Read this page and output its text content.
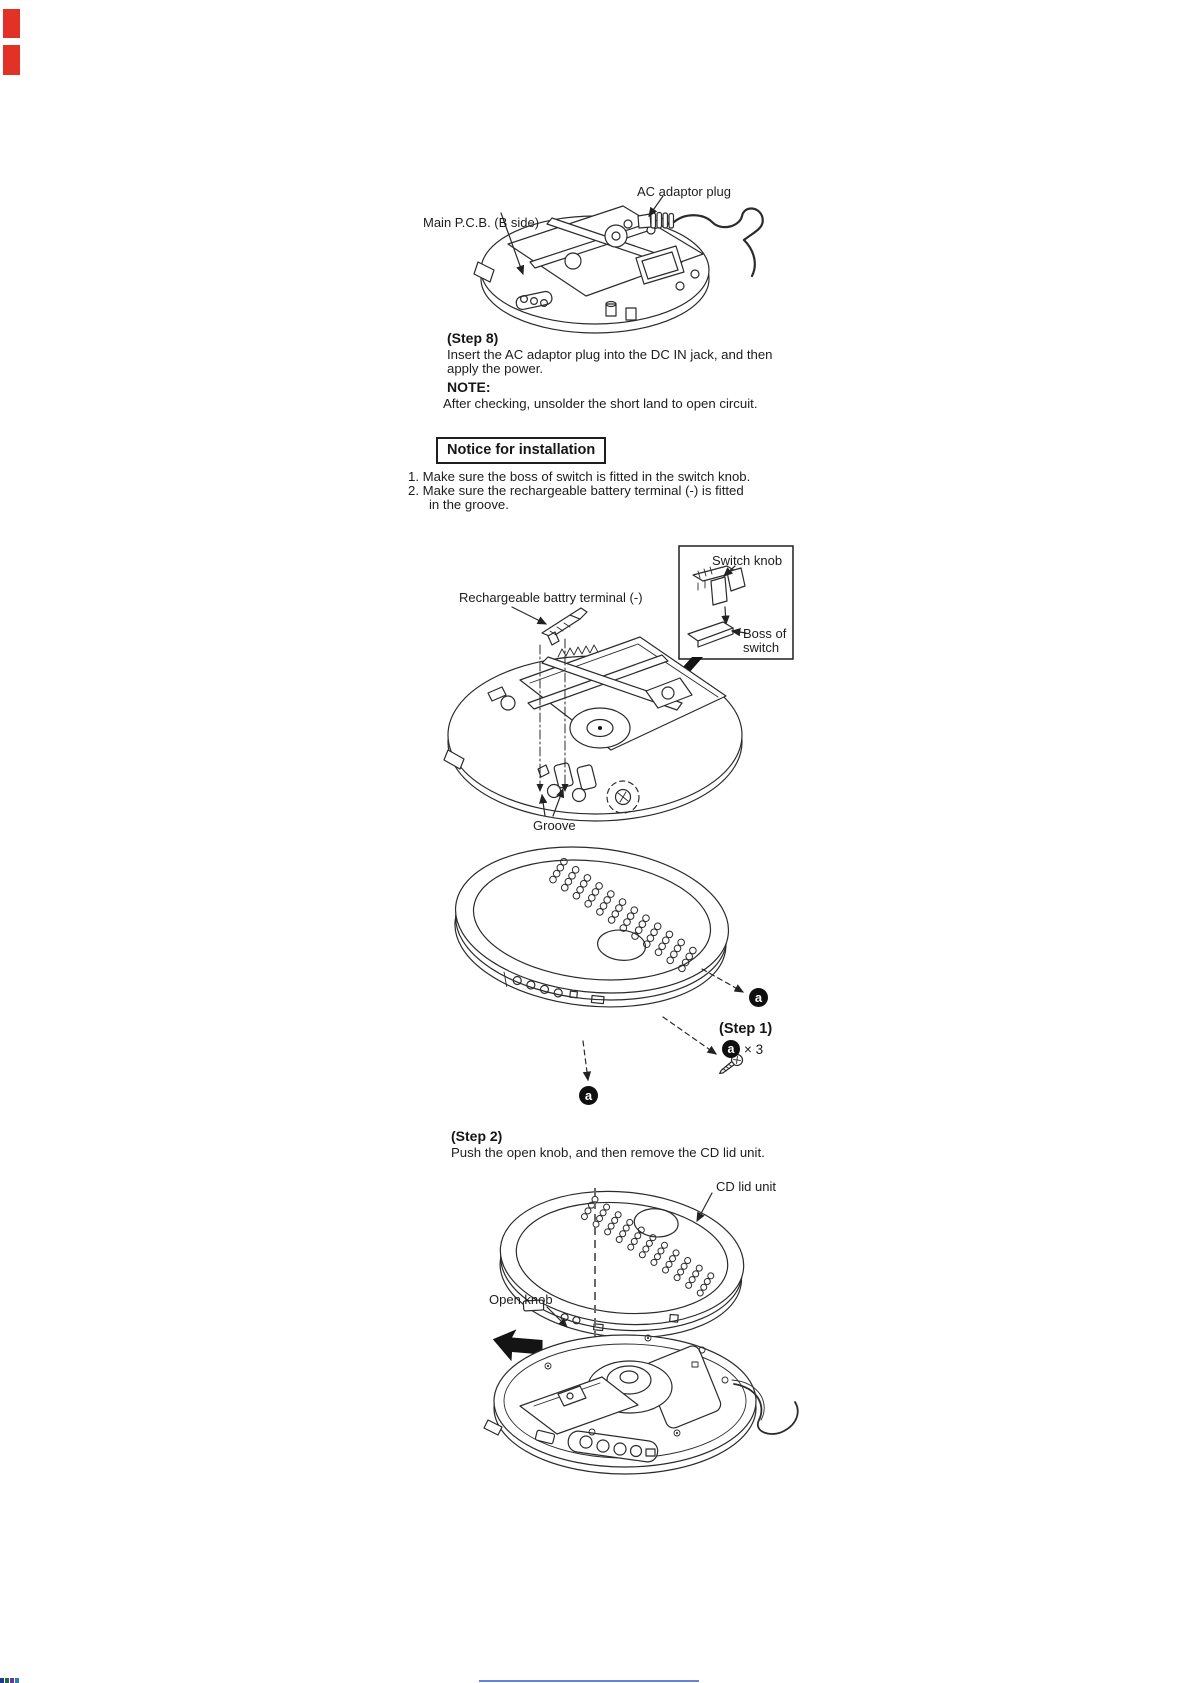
AC adaptor plug
Main P.C.B. (B side)
(Step 8)
Insert the AC adaptor plug into the DC IN jack, and then
apply the power.
NOTE:
After checking, unsolder the short land to open circuit.
Notice for installation
1. Make sure the boss of switch is fitted in the switch knob.
2. Make sure the rechargeable battery terminal (-) is fitted
in the groove.
Switch knob
Boss of
switch
Rechargeable battry terminal (-)
Groove
a
a
(Step 1)
a × 3
(Step 2)
Push the open knob, and then remove the CD lid unit.
CD lid unit
Open knob
